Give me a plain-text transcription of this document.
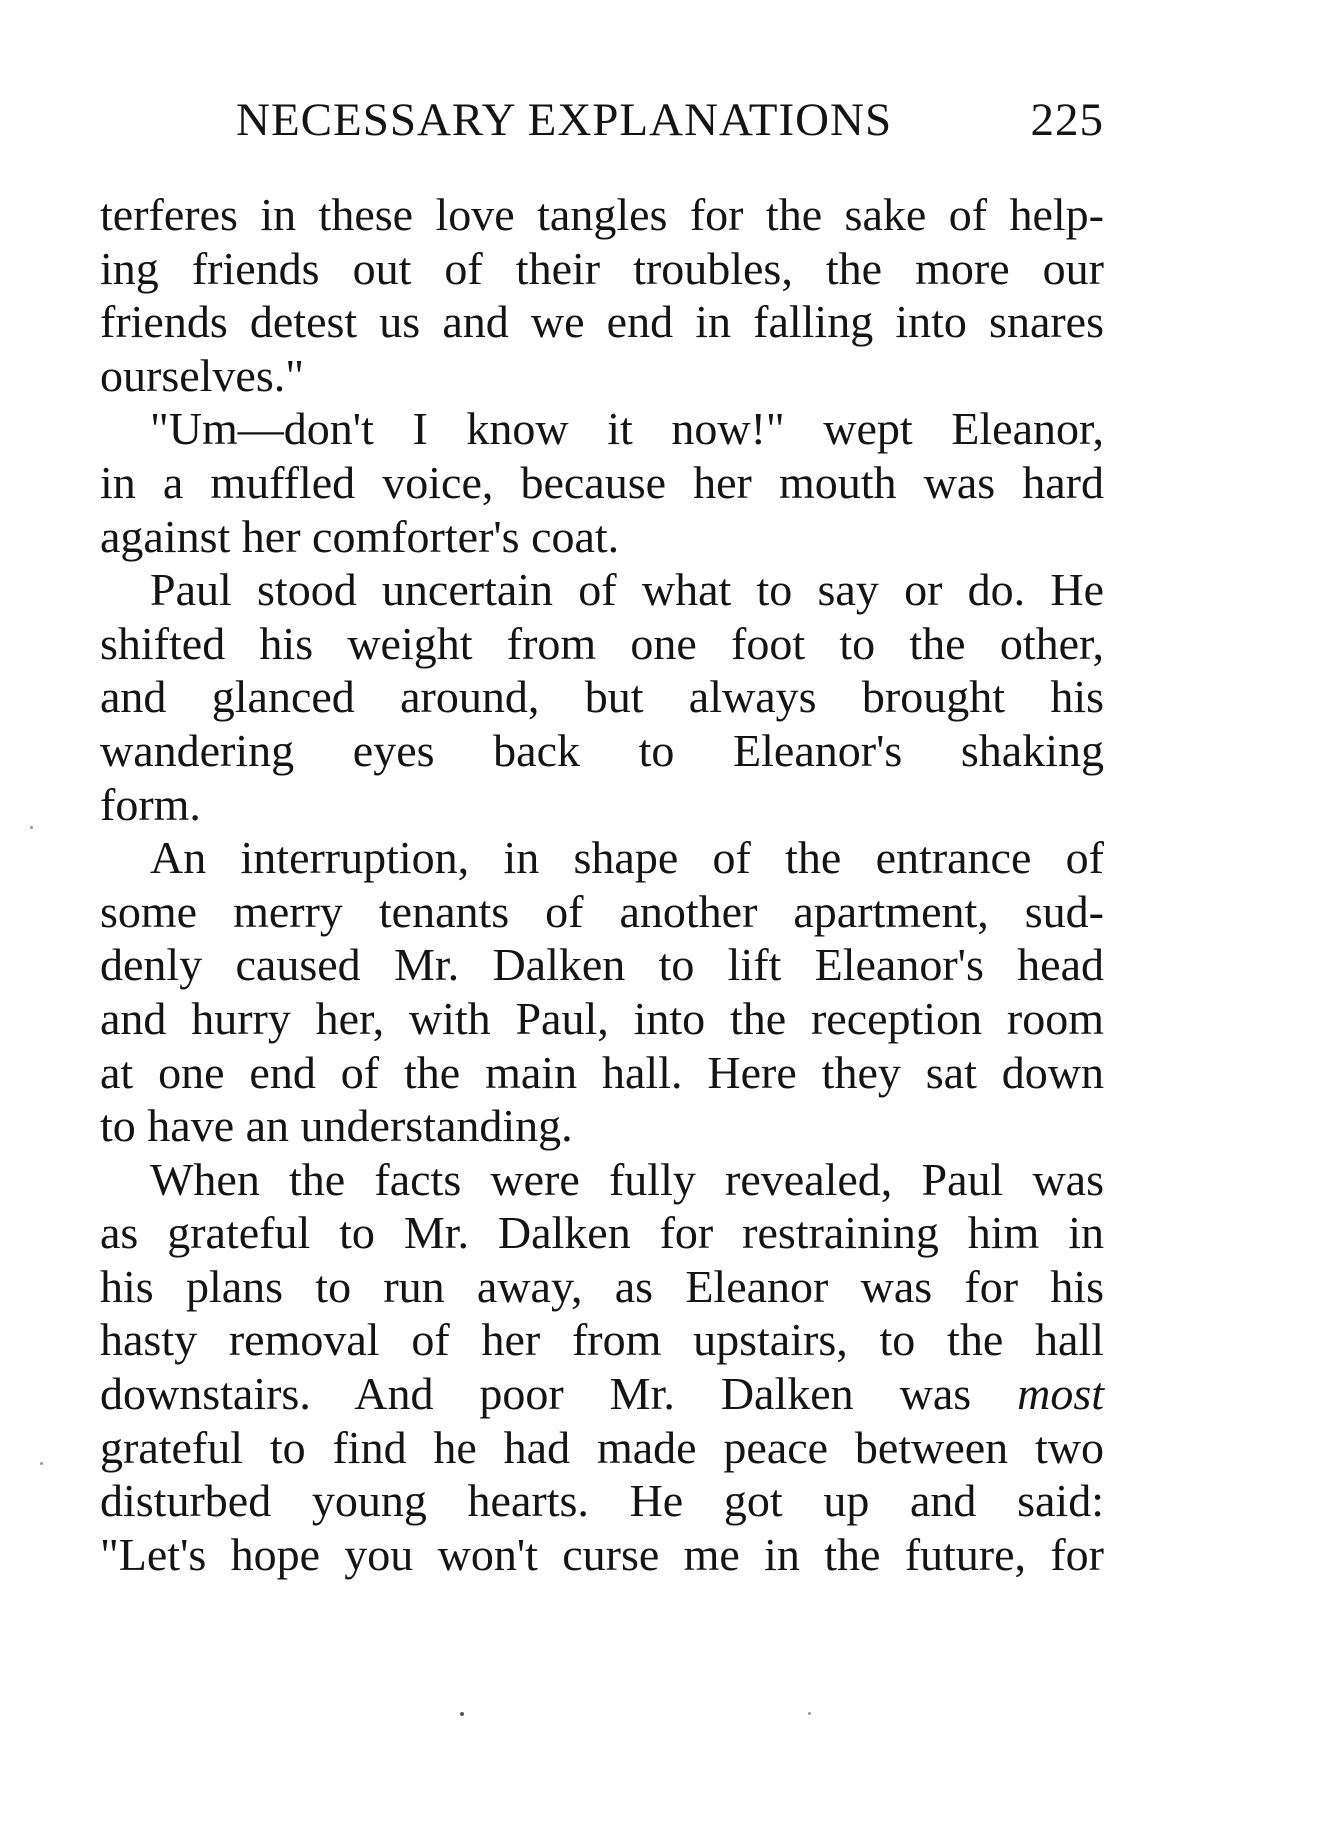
NECESSARY EXPLANATIONS	225
terferes in these love tangles for the sake of help-
ing friends out of their troubles, the more our
friends detest us and we end in falling into snares
ourselves."
"Um—don't I know it now!" wept Eleanor,
in a muffled voice, because her mouth was hard
against her comforter's coat.
Paul stood uncertain of what to say or do. He
shifted his weight from one foot to the other,
and glanced around, but always brought his
wandering eyes back to Eleanor's shaking
form.
An interruption, in shape of the entrance of
some merry tenants of another apartment, sud-
denly caused Mr. Dalken to lift Eleanor's head
and hurry her, with Paul, into the reception room
at one end of the main hall. Here they sat down
to have an understanding.
When the facts were fully revealed, Paul was
as grateful to Mr. Dalken for restraining him in
his plans to run away, as Eleanor was for his
hasty removal of her from upstairs, to the hall
downstairs. And poor Mr. Dalken was most
grateful to find he had made peace between two
disturbed young hearts. He got up and said:
"Let's hope you won't curse me in the future, for
